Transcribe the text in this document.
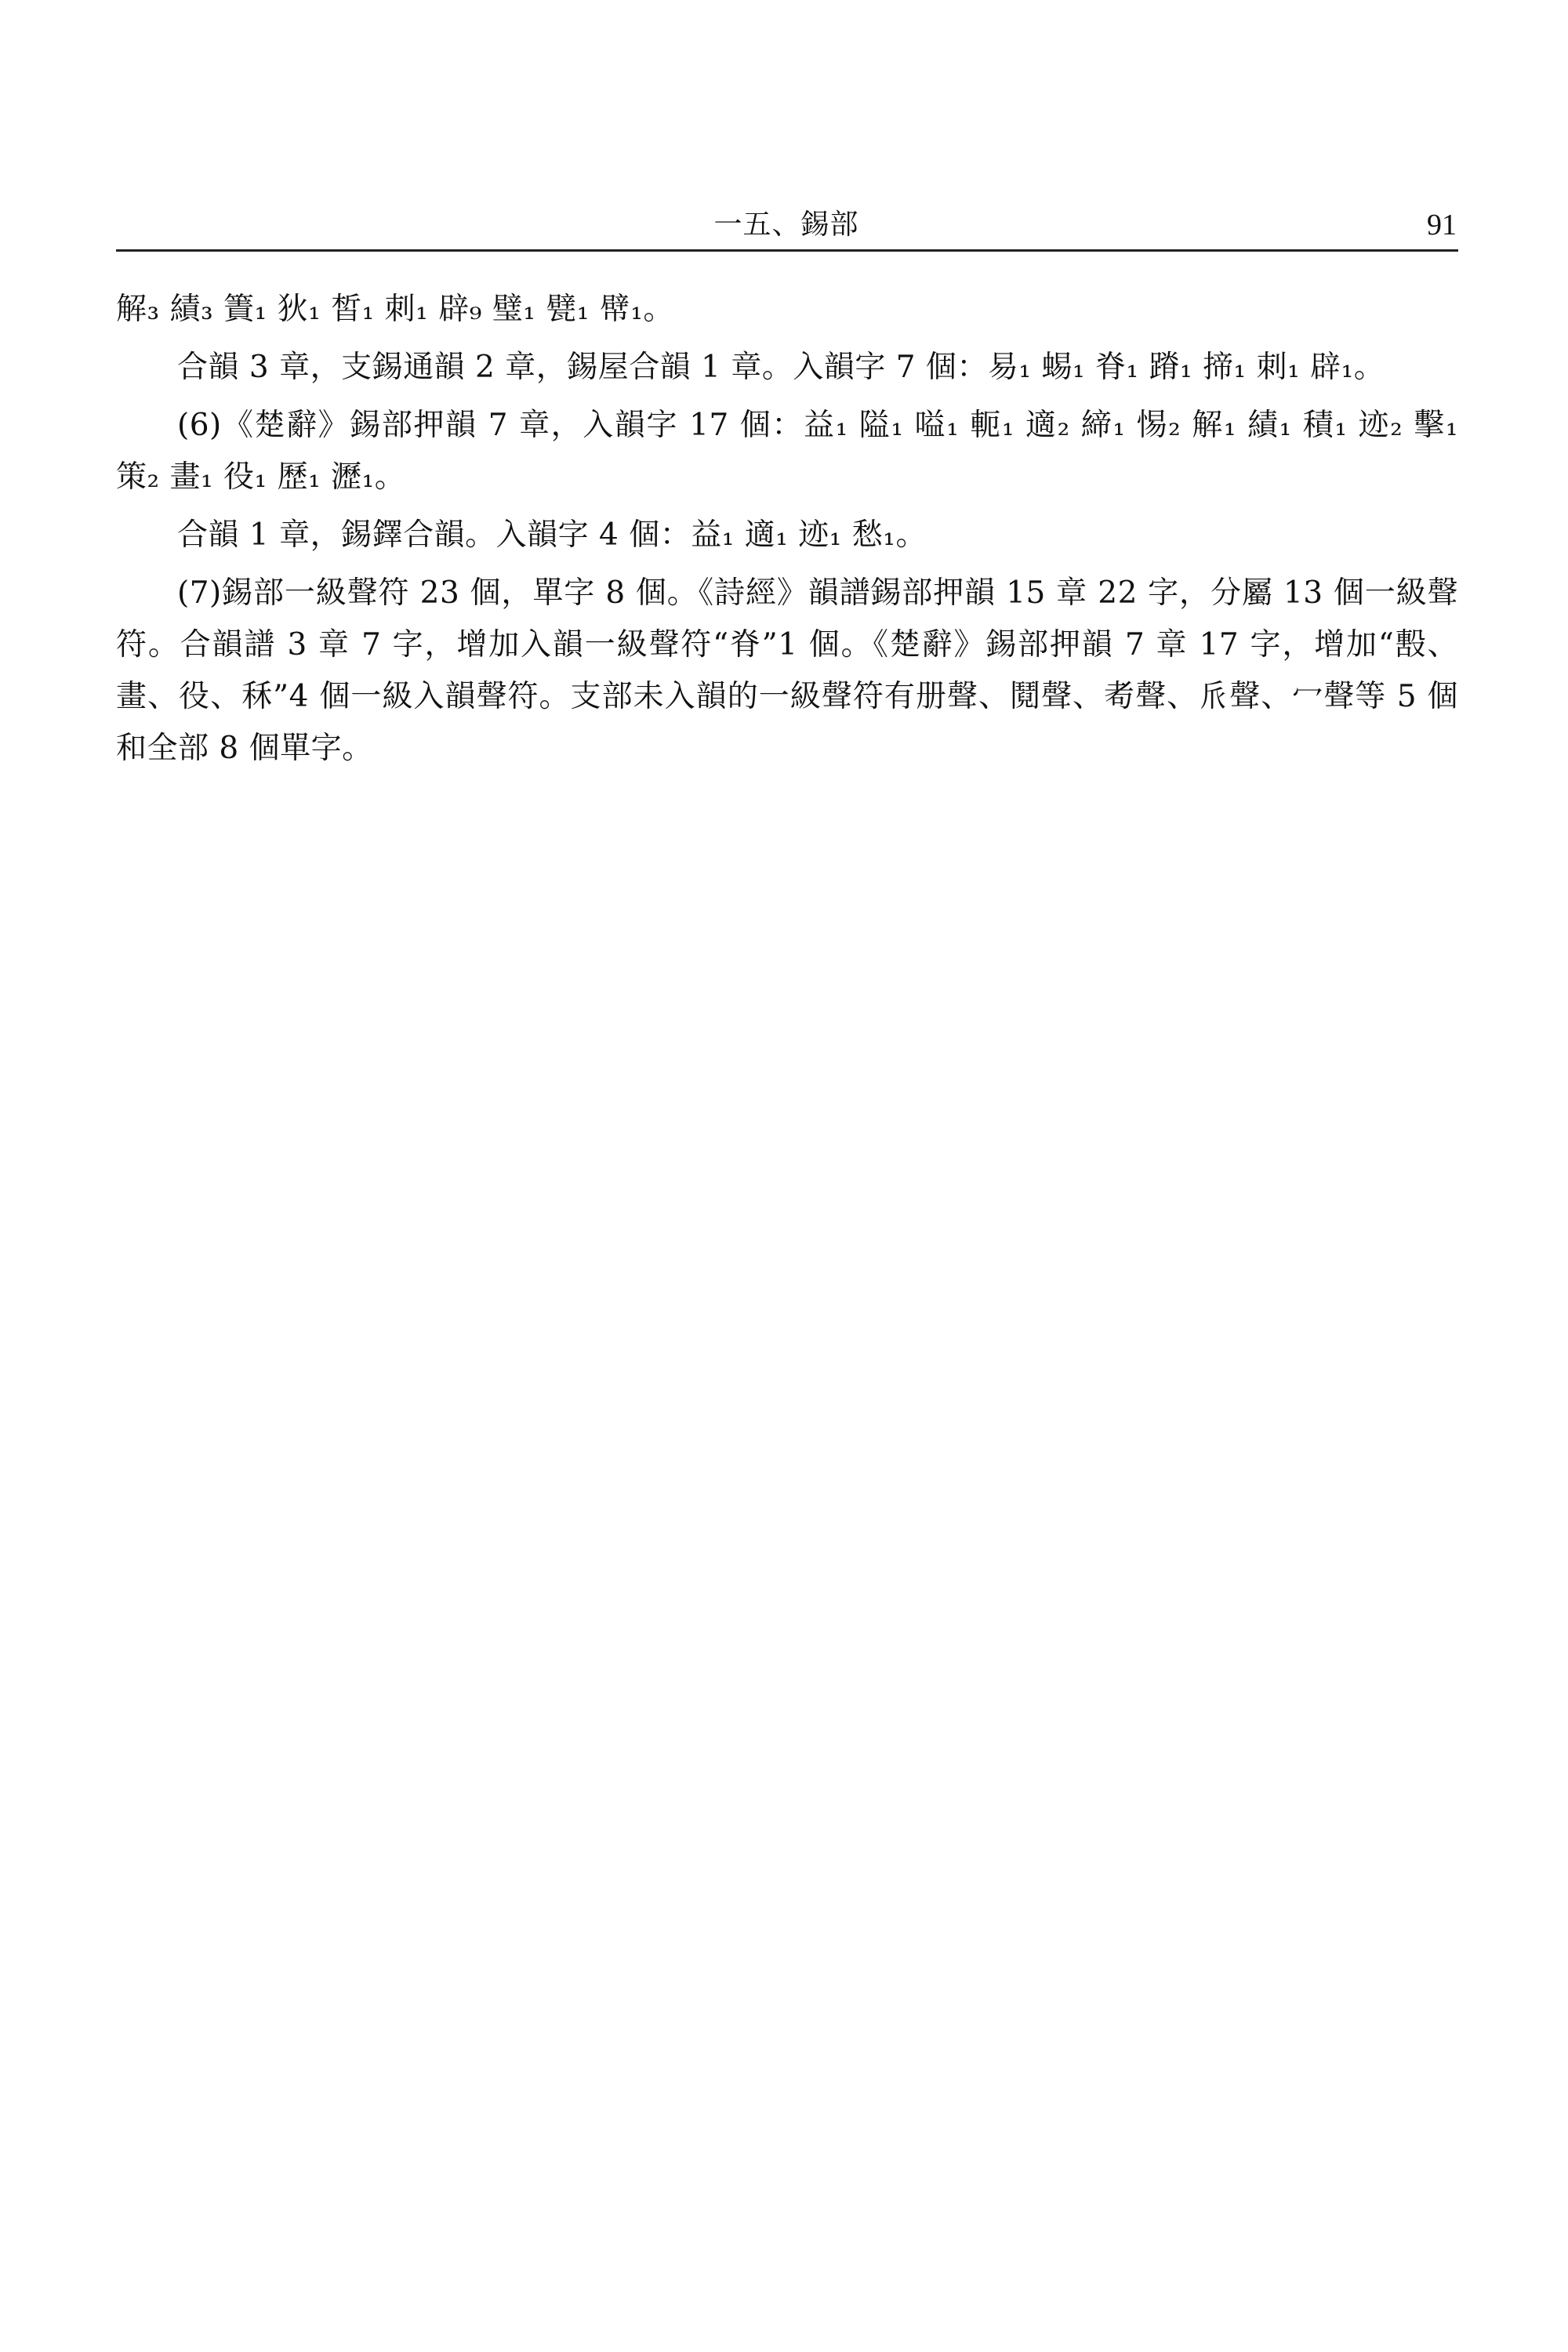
一五、錫部	91

解₃ 績₃ 簀₁ 狄₁ 皙₁ 刺₁ 辟₉ 璧₁ 甓₁ 幦₁。

合韻 3 章，支錫通韻 2 章，錫屋合韻 1 章。入韻字 7 個：易₁ 蜴₁ 脊₁ 蹐₁ 揥₁ 刺₁ 辟₁。

(6)《楚辭》錫部押韻 7 章，入韻字 17 個：益₁ 隘₁ 嗌₁ 軛₁ 適₂ 締₁ 惕₂ 解₁ 績₁ 積₁ 迹₂ 擊₁ 策₂ 畫₁ 役₁ 歷₁ 瀝₁。

合韻 1 章，錫鐸合韻。入韻字 4 個：益₁ 適₁ 迹₁ 愁₁。

(7)錫部一級聲符 23 個，單字 8 個。《詩經》韻譜錫部押韻 15 章 22 字，分屬 13 個一級聲符。合韻譜 3 章 7 字，增加入韻一級聲符“脊”1 個。《楚辭》錫部押韻 7 章 17 字，增加“毄、畫、役、秝”4 個一級入韻聲符。支部未入韻的一級聲符有册聲、鬩聲、耇聲、𠂢聲、冖聲等 5 個和全部 8 個單字。
